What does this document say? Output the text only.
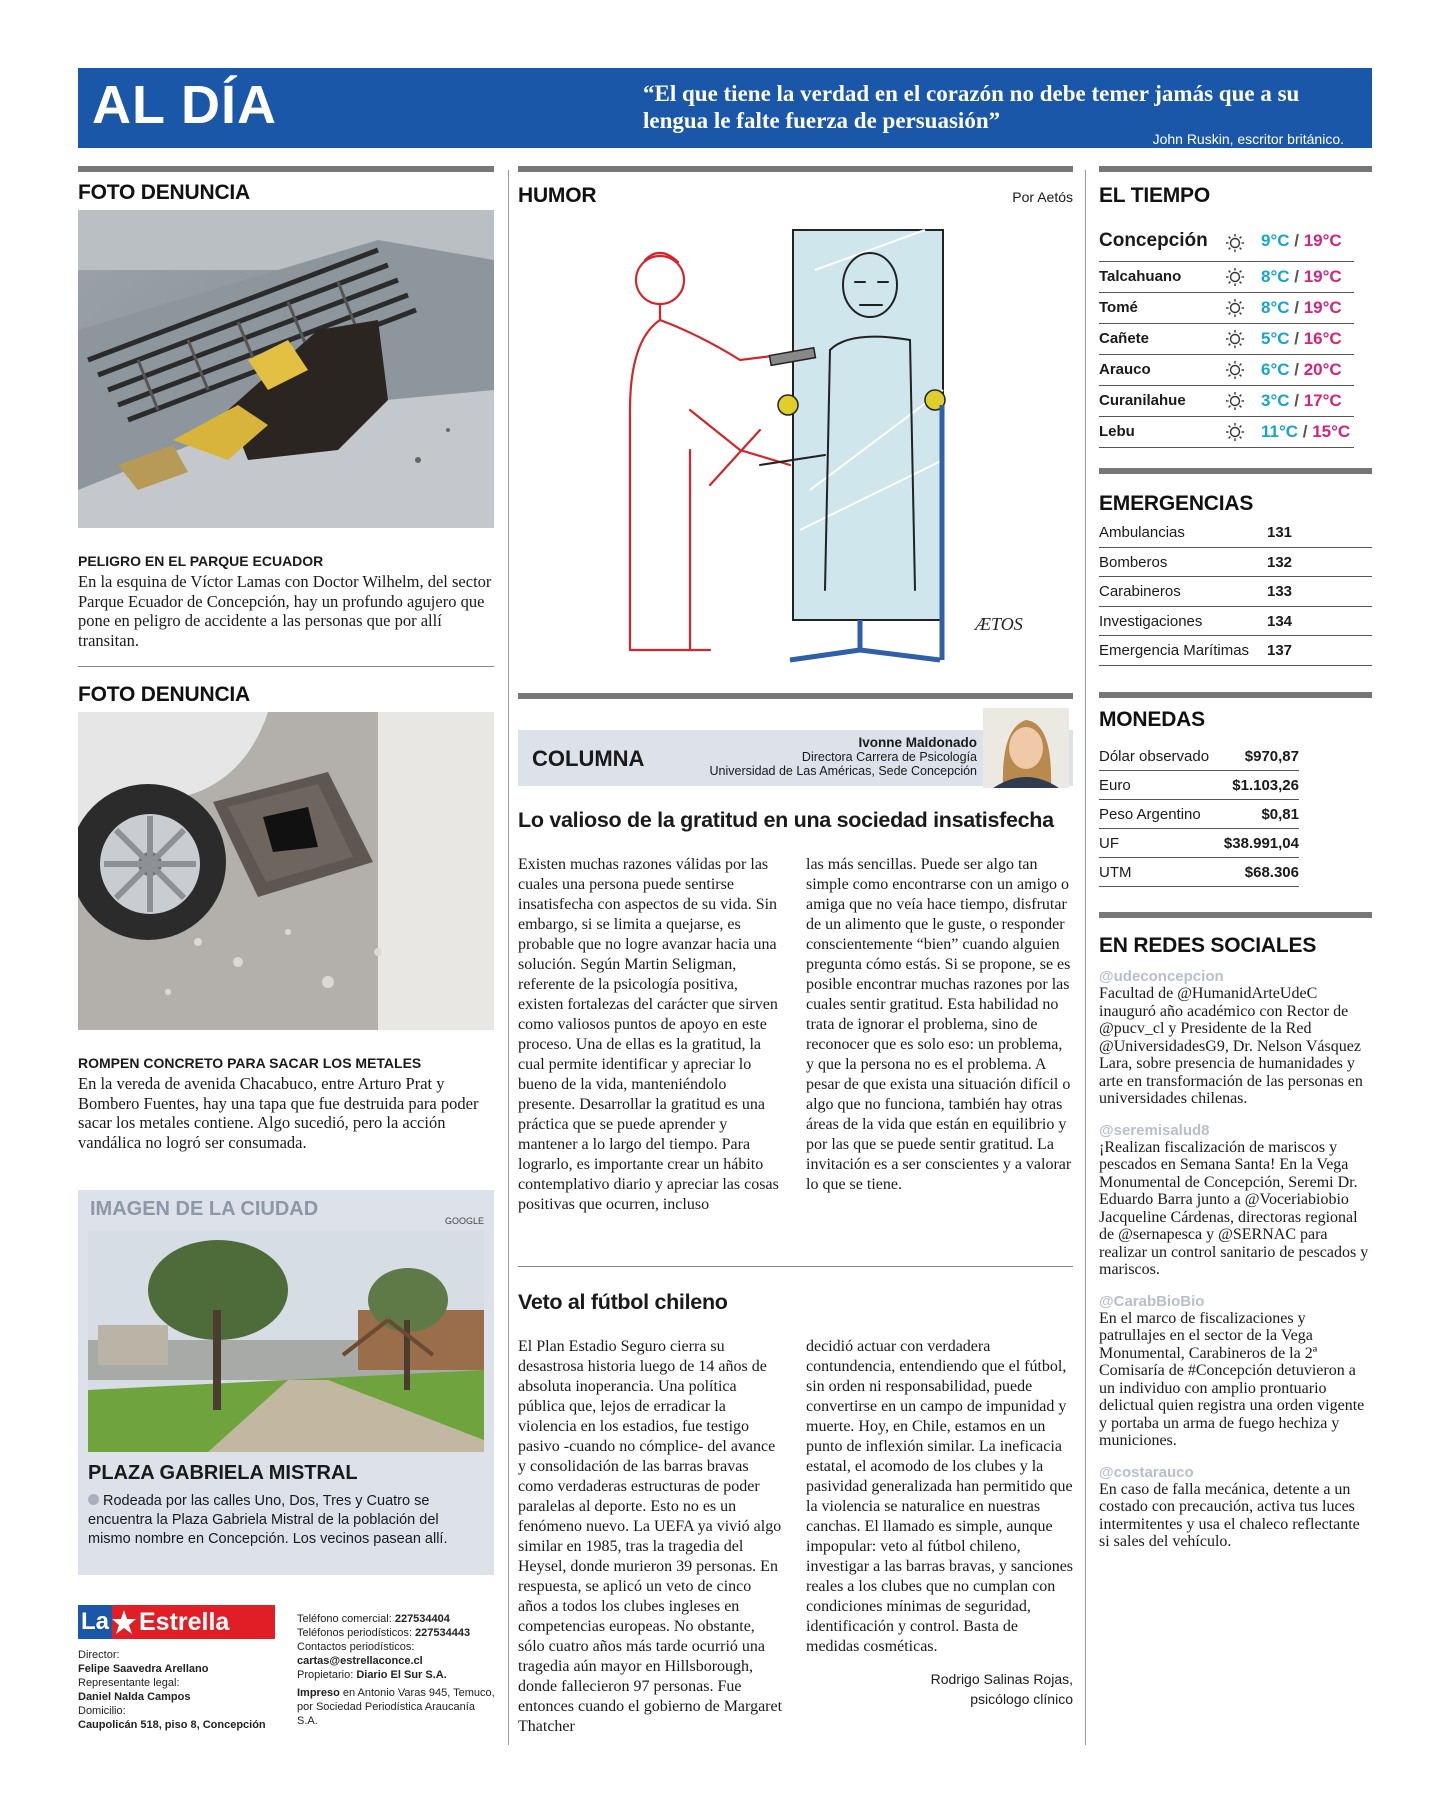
AL DÍA	“El que tiene la verdad en el corazón no debe temer jamás que a su lengua le falte fuerza de persuasión”
John Ruskin, escritor británico.
FOTO DENUNCIA
PELIGRO EN EL PARQUE ECUADOR
En la esquina de Víctor Lamas con Doctor Wilhelm, del sector Parque Ecuador de Concepción, hay un profundo agujero que pone en peligro de accidente a las personas que por allí transitan.
FOTO DENUNCIA
ROMPEN CONCRETO PARA SACAR LOS METALES
En la vereda de avenida Chacabuco, entre Arturo Prat y Bombero Fuentes, hay una tapa que fue destruida para poder sacar los metales contiene. Algo sucedió, pero la acción vandálica no logró ser consumada.
IMAGEN DE LA CIUDAD
GOOGLE
PLAZA GABRIELA MISTRAL
Rodeada por las calles Uno, Dos, Tres y Cuatro se encuentra la Plaza Gabriela Mistral de la población del mismo nombre en Concepción. Los vecinos pasean allí.
La Estrella
Director:
Felipe Saavedra Arellano
Representante legal:
Daniel Nalda Campos
Domicilio:
Caupolicán 518, piso 8, Concepción
Teléfono comercial: 227534404
Teléfonos periodísticos: 227534443
Contactos periodísticos:
cartas@estrellaconce.cl
Propietario: Diario El Sur S.A.
Impreso en Antonio Varas 945, Temuco, por Sociedad Periodística Araucanía S.A.
HUMOR	Por Aetós
ÆTOS
COLUMNA
Ivonne Maldonado
Directora Carrera de Psicología
Universidad de Las Américas, Sede Concepción
Lo valioso de la gratitud en una sociedad insatisfecha
Existen muchas razones válidas por las cuales una persona puede sentirse insatisfecha con aspectos de su vida. Sin embargo, si se limita a quejarse, es probable que no logre avanzar hacia una solución. Según Martin Seligman, referente de la psicología positiva, existen fortalezas del carácter que sirven como valiosos puntos de apoyo en este proceso. Una de ellas es la gratitud, la cual permite identificar y apreciar lo bueno de la vida, manteniéndolo presente. Desarrollar la gratitud es una práctica que se puede aprender y mantener a lo largo del tiempo. Para lograrlo, es importante crear un hábito contemplativo diario y apreciar las cosas positivas que ocurren, incluso
las más sencillas. Puede ser algo tan simple como encontrarse con un amigo o amiga que no veía hace tiempo, disfrutar de un alimento que le guste, o responder conscientemente “bien” cuando alguien pregunta cómo estás. Si se propone, se es posible encontrar muchas razones por las cuales sentir gratitud. Esta habilidad no trata de ignorar el problema, sino de reconocer que es solo eso: un problema, y que la persona no es el problema. A pesar de que exista una situación difícil o algo que no funciona, también hay otras áreas de la vida que están en equilibrio y por las que se puede sentir gratitud. La invitación es a ser conscientes y a valorar lo que se tiene.
Veto al fútbol chileno
El Plan Estadio Seguro cierra su desastrosa historia luego de 14 años de absoluta inoperancia. Una política pública que, lejos de erradicar la violencia en los estadios, fue testigo pasivo -cuando no cómplice- del avance y consolidación de las barras bravas como verdaderas estructuras de poder paralelas al deporte. Esto no es un fenómeno nuevo. La UEFA ya vivió algo similar en 1985, tras la tragedia del Heysel, donde murieron 39 personas. En respuesta, se aplicó un veto de cinco años a todos los clubes ingleses en competencias europeas. No obstante, sólo cuatro años más tarde ocurrió una tragedia aún mayor en Hillsborough, donde fallecieron 97 personas. Fue entonces cuando el gobierno de Margaret Thatcher
decidió actuar con verdadera contundencia, entendiendo que el fútbol, sin orden ni responsabilidad, puede convertirse en un campo de impunidad y muerte. Hoy, en Chile, estamos en un punto de inflexión similar. La ineficacia estatal, el acomodo de los clubes y la pasividad generalizada han permitido que la violencia se naturalice en nuestras canchas. El llamado es simple, aunque impopular: veto al fútbol chileno, investigar a las barras bravas, y sanciones reales a los clubes que no cumplan con condiciones mínimas de seguridad, identificación y control. Basta de medidas cosméticas.
Rodrigo Salinas Rojas,
psicólogo clínico
EL TIEMPO
Concepción	9°C / 19°C
Talcahuano	8°C / 19°C
Tomé	8°C / 19°C
Cañete	5°C / 16°C
Arauco	6°C / 20°C
Curanilahue	3°C / 17°C
Lebu	11°C / 15°C
EMERGENCIAS
Ambulancias	131
Bomberos	132
Carabineros	133
Investigaciones	134
Emergencia Marítimas 137
MONEDAS
Dólar observado $970,87
Euro	$1.103,26
Peso Argentino	$0,81
UF	$38.991,04
UTM	$68.306
EN REDES SOCIALES
@udeconcepcion
Facultad de @HumanidArteUdeC inauguró año académico con Rector de @pucv_cl y Presidente de la Red @UniversidadesG9, Dr. Nelson Vásquez Lara, sobre presencia de humanidades y arte en transformación de las personas en universidades chilenas.
@seremisalud8
¡Realizan fiscalización de mariscos y pescados en Semana Santa! En la Vega Monumental de Concepción, Seremi Dr. Eduardo Barra junto a @Voceriabiobio Jacqueline Cárdenas, directoras regional de @sernapesca y @SERNAC para realizar un control sanitario de pescados y mariscos.
@CarabBioBio
En el marco de fiscalizaciones y patrullajes en el sector de la Vega Monumental, Carabineros de la 2ª Comisaría de #Concepción detuvieron a un individuo con amplio prontuario delictual quien registra una orden vigente y portaba un arma de fuego hechiza y municiones.
@costarauco
En caso de falla mecánica, detente a un costado con precaución, activa tus luces intermitentes y usa el chaleco reflectante si sales del vehículo.
